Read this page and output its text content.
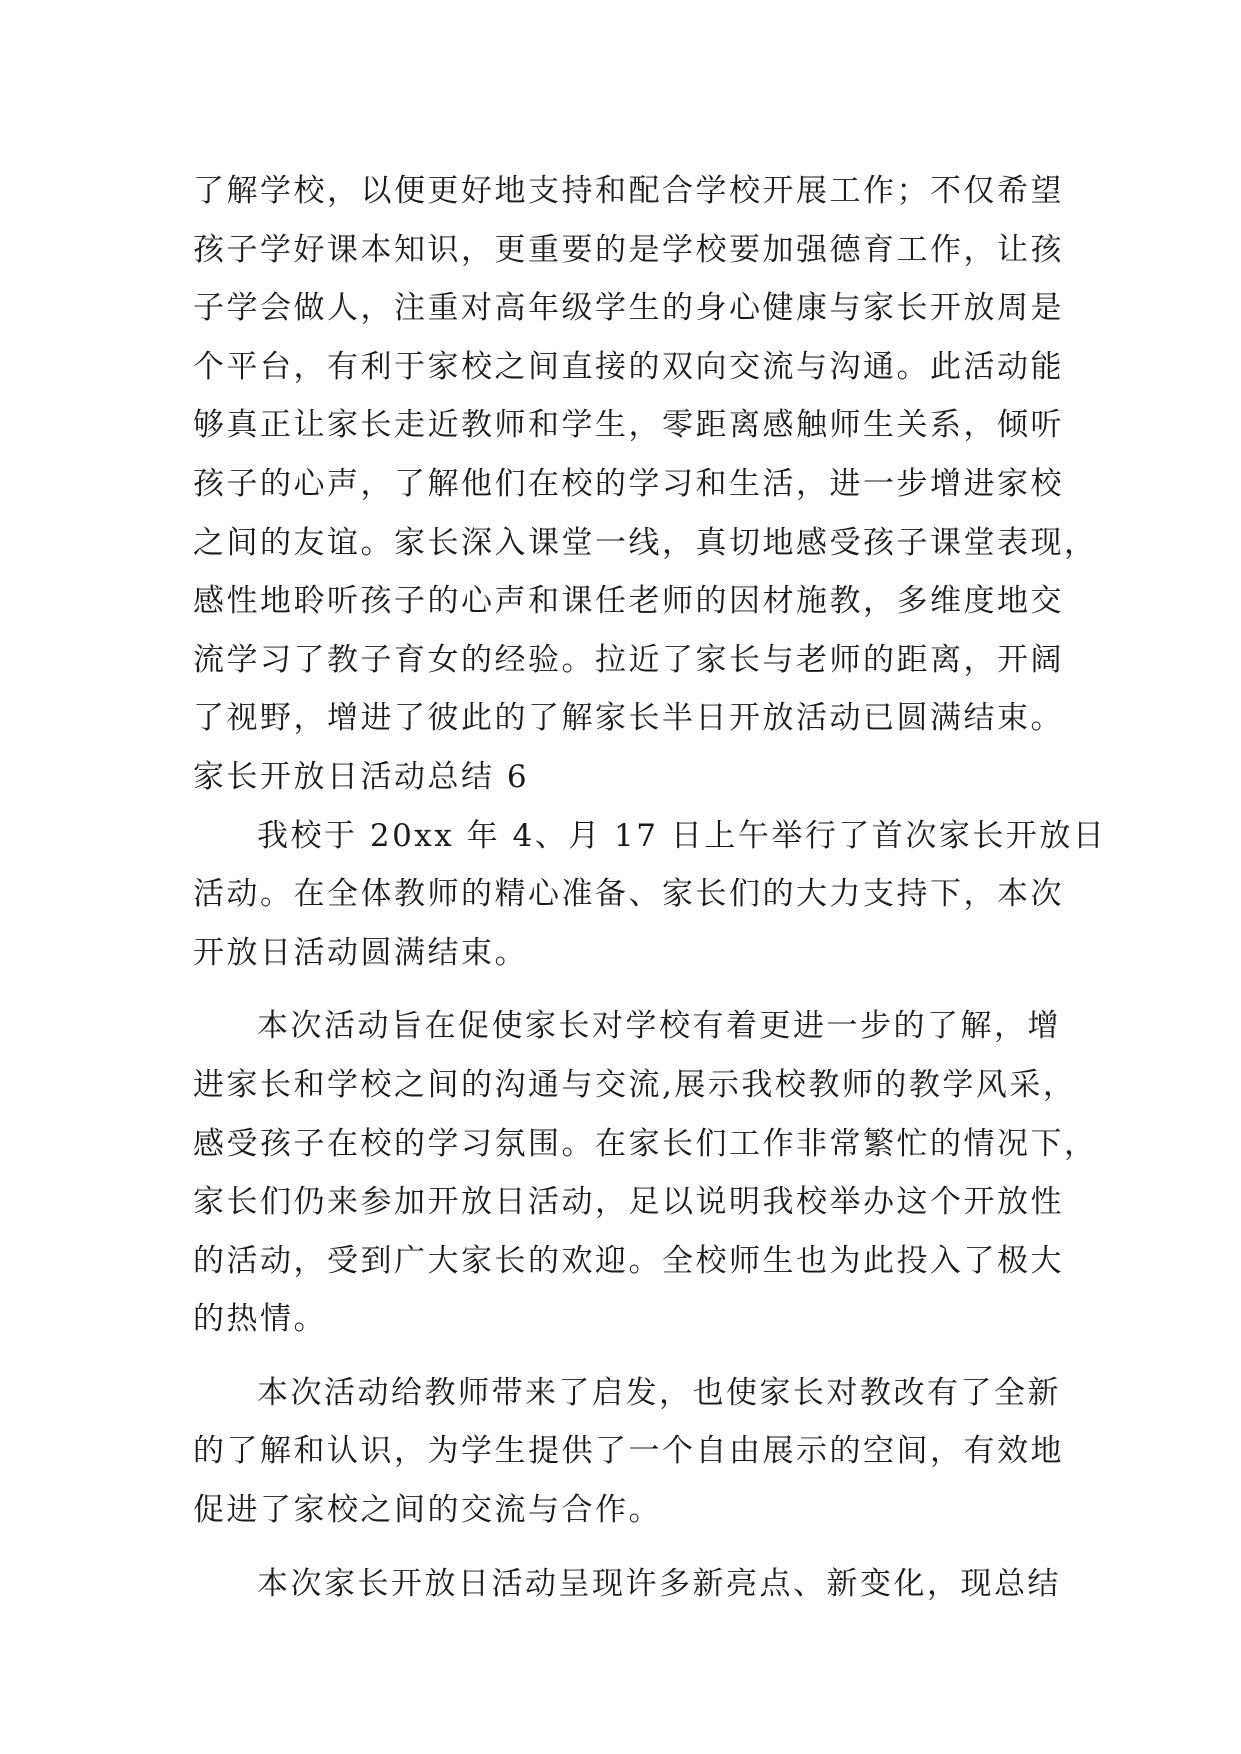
了解学校，以便更好地支持和配合学校开展工作；不仅希望
孩子学好课本知识，更重要的是学校要加强德育工作，让孩
子学会做人，注重对高年级学生的身心健康与家长开放周是
个平台，有利于家校之间直接的双向交流与沟通。此活动能
够真正让家长走近教师和学生，零距离感触师生关系，倾听
孩子的心声，了解他们在校的学习和生活，进一步增进家校
之间的友谊。家长深入课堂一线，真切地感受孩子课堂表现，
感性地聆听孩子的心声和课任老师的因材施教，多维度地交
流学习了教子育女的经验。拉近了家长与老师的距离，开阔
了视野，增进了彼此的了解家长半日开放活动已圆满结束。
家长开放日活动总结 6
我校于 20xx 年 4、月 17 日上午举行了首次家长开放日
活动。在全体教师的精心准备、家长们的大力支持下，本次
开放日活动圆满结束。
本次活动旨在促使家长对学校有着更进一步的了解，增
进家长和学校之间的沟通与交流,展示我校教师的教学风采，
感受孩子在校的学习氛围。在家长们工作非常繁忙的情况下，
家长们仍来参加开放日活动，足以说明我校举办这个开放性
的活动，受到广大家长的欢迎。全校师生也为此投入了极大
的热情。
本次活动给教师带来了启发，也使家长对教改有了全新
的了解和认识，为学生提供了一个自由展示的空间，有效地
促进了家校之间的交流与合作。
本次家长开放日活动呈现许多新亮点、新变化，现总结
